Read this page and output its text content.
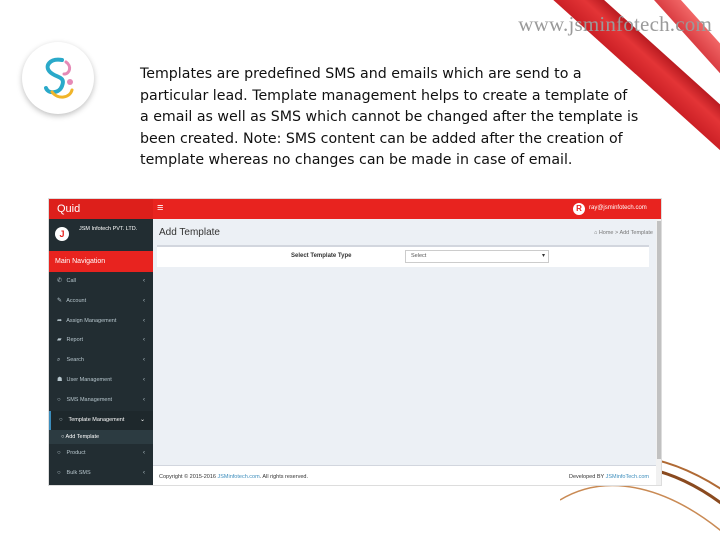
www.jsminfotech.com
Templates are predefined SMS and emails which are send to a particular lead. Template management helps to create a template of a email as well as SMS which cannot be changed after the template is been created. Note: SMS content can be added after the creation of template whereas no changes can be made in case of email.
Quid	≡	R	ray@jsminfotech.com
J	JSM Infotech PVT. LTD.
Main Navigation
✆ Call	‹
✎ Account	‹
➦ Assign Management	‹
▰ Report	‹
⌕ Search	‹
☗ User Management	‹
○ SMS Management	‹
○ Template Management	⌄
○ Add Template
○ Product	‹
○ Bulk SMS	‹
Add Template	⌂ Home > Add Template
Select Template Type	Select	▾
Copyright © 2015-2016 JSMinfotech.com. All rights reserved.	Developed BY JSMinfoTech.com
